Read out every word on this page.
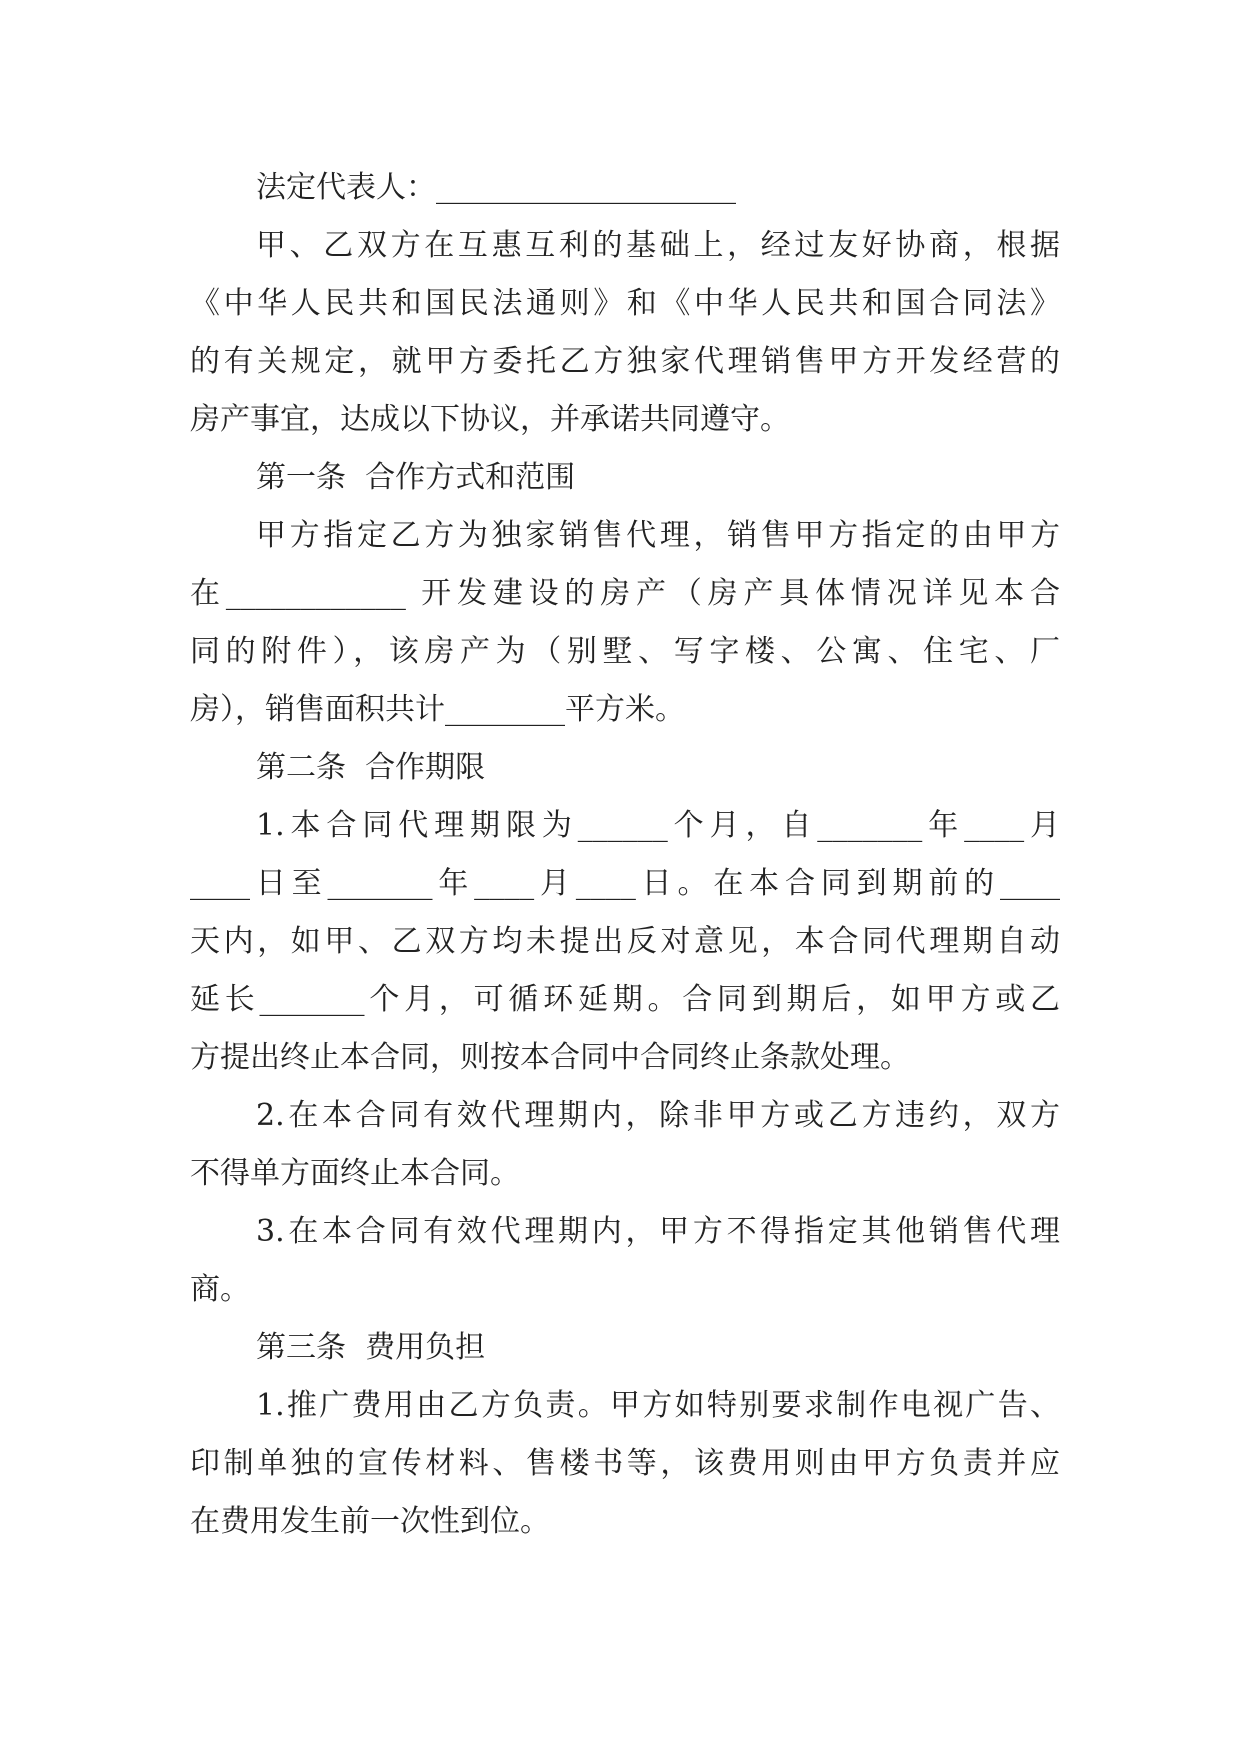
法定代表人：____________________
甲、乙双方在互惠互利的基础上，经过友好协商，根据
《中华人民共和国民法通则》和《中华人民共和国合同法》
的有关规定，就甲方委托乙方独家代理销售甲方开发经营的
房产事宜，达成以下协议，并承诺共同遵守。
第一条  合作方式和范围
甲方指定乙方为独家销售代理，销售甲方指定的由甲方
在____________ 开发建设的房产（房产具体情况详见本合
同的附件），该房产为（别墅、写字楼、公寓、住宅、厂
房），销售面积共计________平方米。
第二条  合作期限
1.本合同代理期限为______个月，自_______年____月
____日至_______年____月____日。在本合同到期前的____
天内，如甲、乙双方均未提出反对意见，本合同代理期自动
延长_______个月，可循环延期。合同到期后，如甲方或乙
方提出终止本合同，则按本合同中合同终止条款处理。
2.在本合同有效代理期内，除非甲方或乙方违约，双方
不得单方面终止本合同。
3.在本合同有效代理期内，甲方不得指定其他销售代理
商。
第三条  费用负担
1.推广费用由乙方负责。甲方如特别要求制作电视广告、
印制单独的宣传材料、售楼书等，该费用则由甲方负责并应
在费用发生前一次性到位。
